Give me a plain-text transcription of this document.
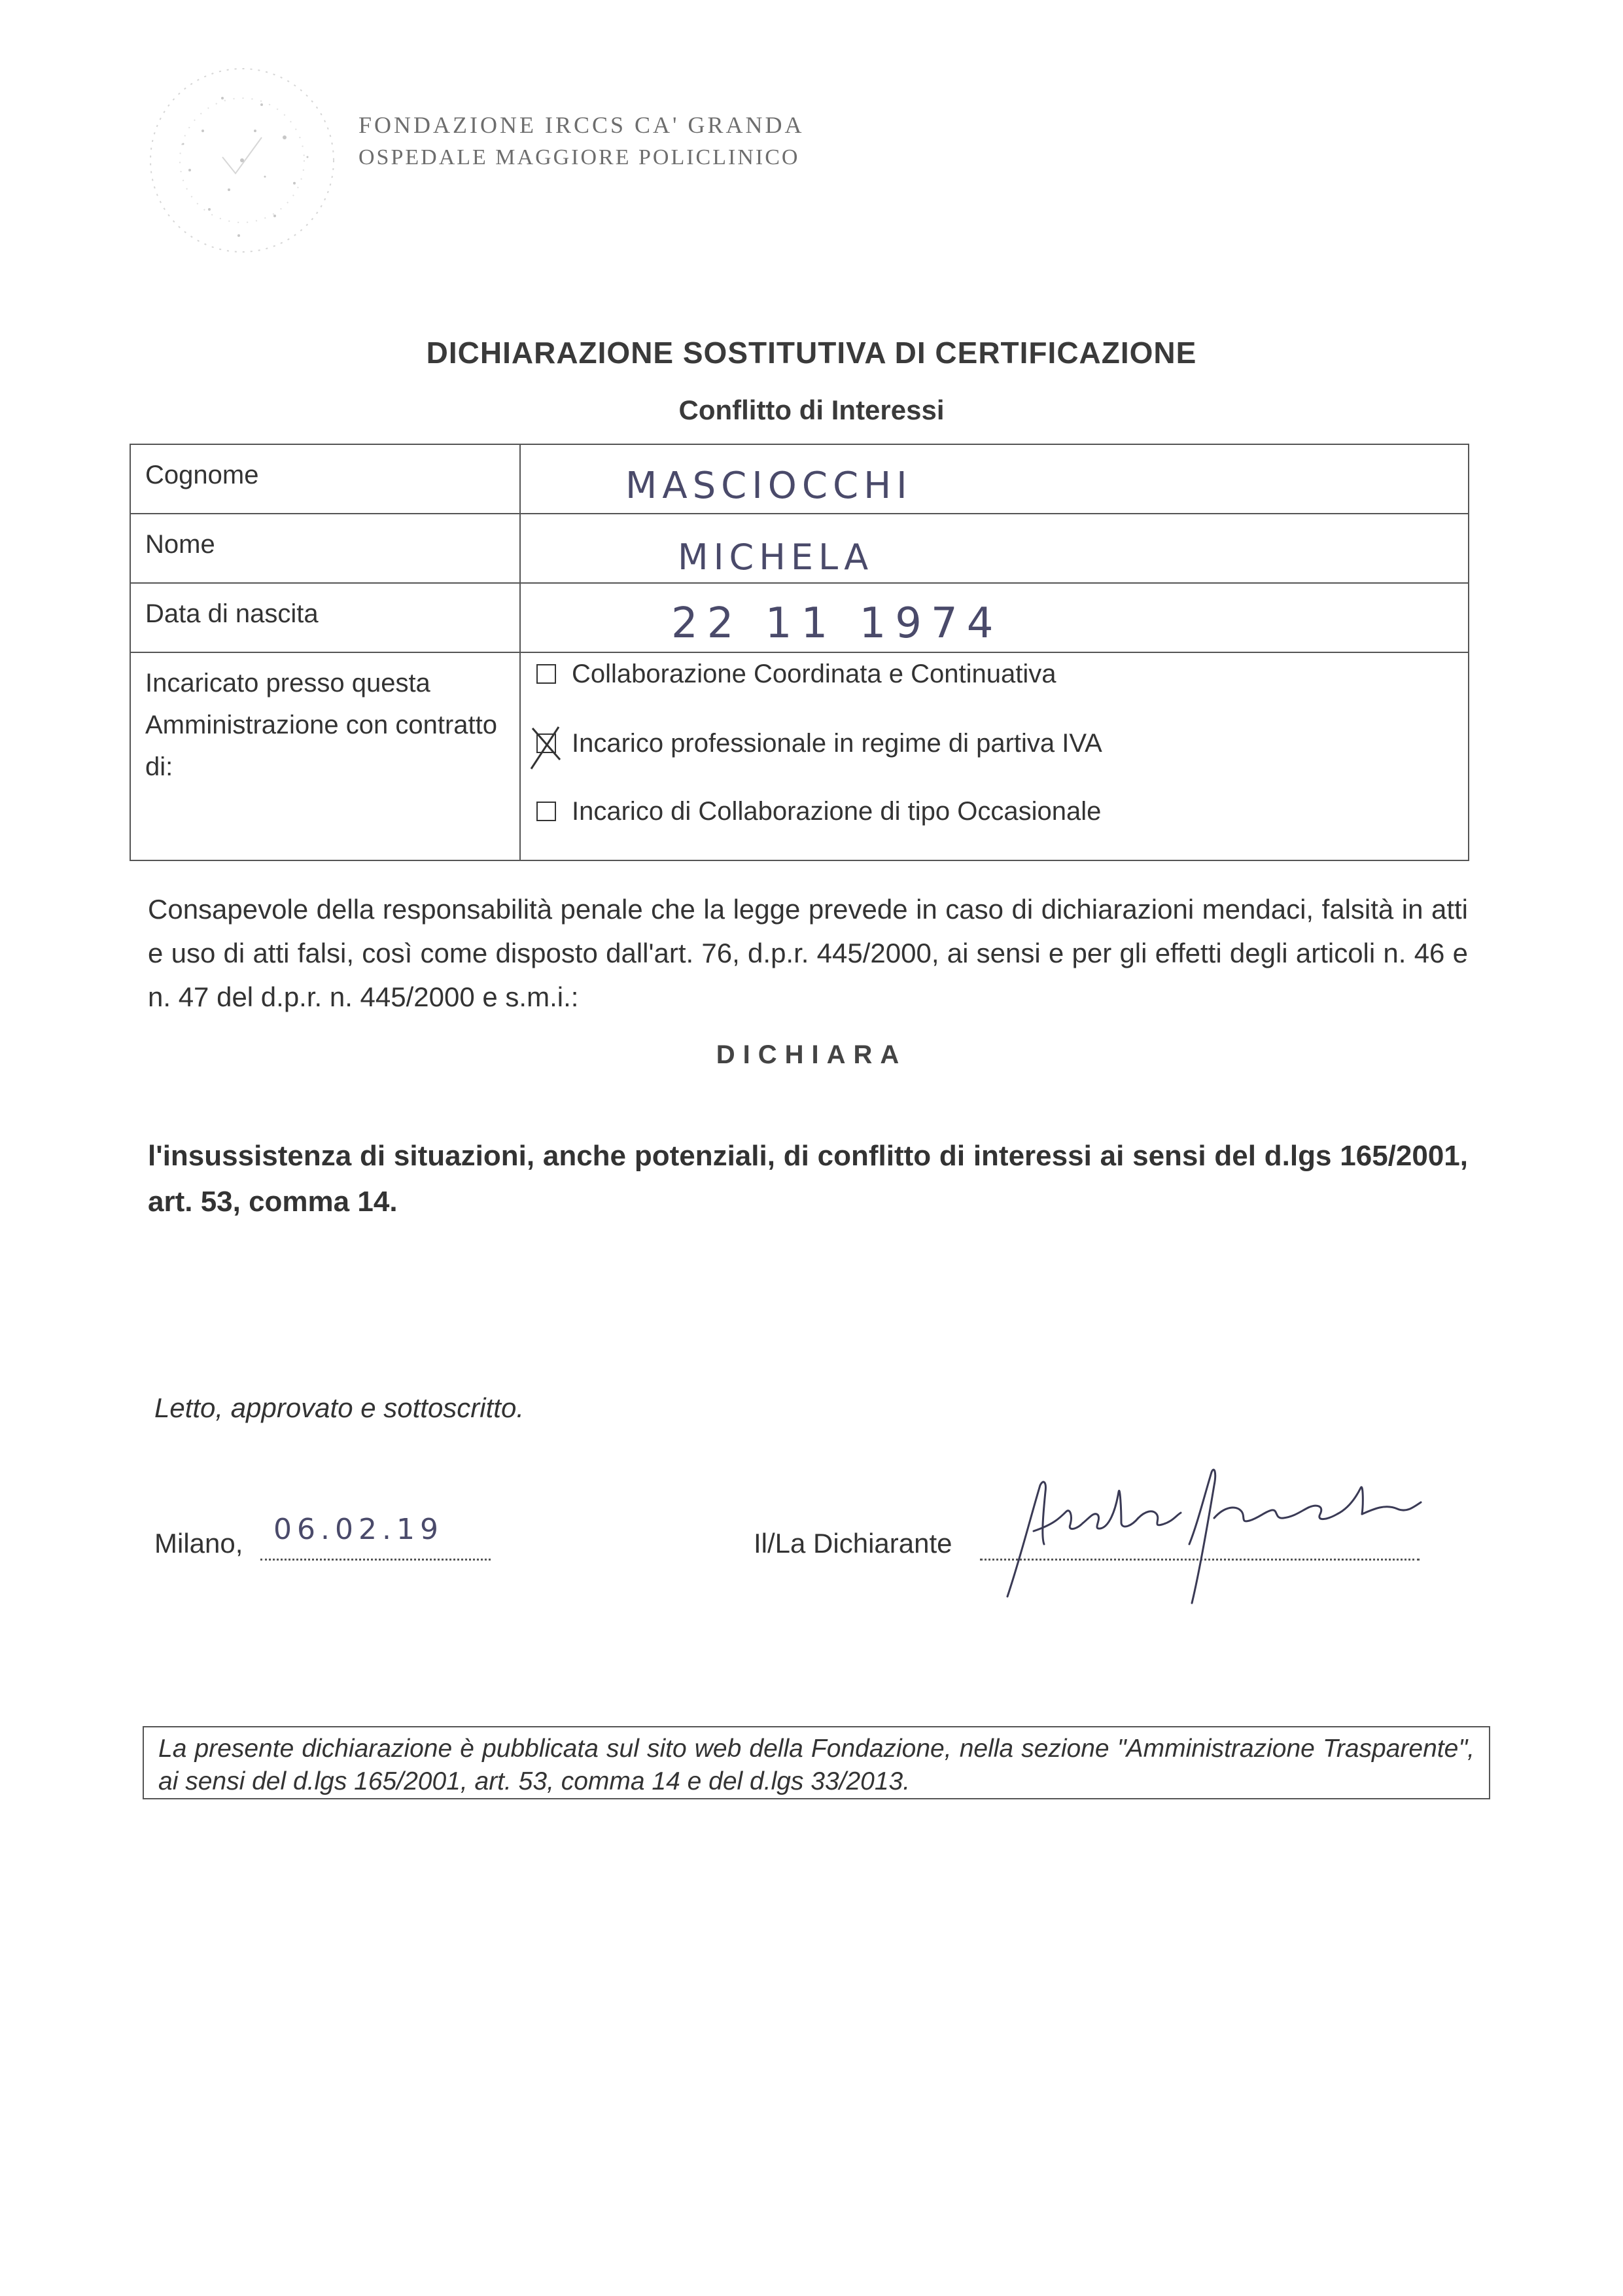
FONDAZIONE IRCCS CA' GRANDA
OSPEDALE MAGGIORE POLICLINICO
DICHIARAZIONE SOSTITUTIVA DI CERTIFICAZIONE
Conflitto di Interessi
Cognome	MASCIOCCHI
Nome	MICHELA
Data di nascita	22 11 1974
Incaricato presso questa Amministrazione con contratto di:
Collaborazione Coordinata e Continuativa
Incarico professionale in regime di partiva IVA
Incarico di Collaborazione di tipo Occasionale
Consapevole della responsabilità penale che la legge prevede in caso di dichiarazioni mendaci, falsità in atti e uso di atti falsi, così come disposto dall'art. 76, d.p.r. 445/2000, ai sensi e per gli effetti degli articoli n. 46 e n. 47 del d.p.r. n. 445/2000 e s.m.i.:
DICHIARA
l'insussistenza di situazioni, anche potenziali, di conflitto di interessi ai sensi del d.lgs 165/2001, art. 53, comma 14.
Letto, approvato e sottoscritto.
Milano, 06.02.19	Il/La Dichiarante
La presente dichiarazione è pubblicata sul sito web della Fondazione, nella sezione "Amministrazione Trasparente", ai sensi del d.lgs 165/2001, art. 53, comma 14 e del d.lgs 33/2013.
